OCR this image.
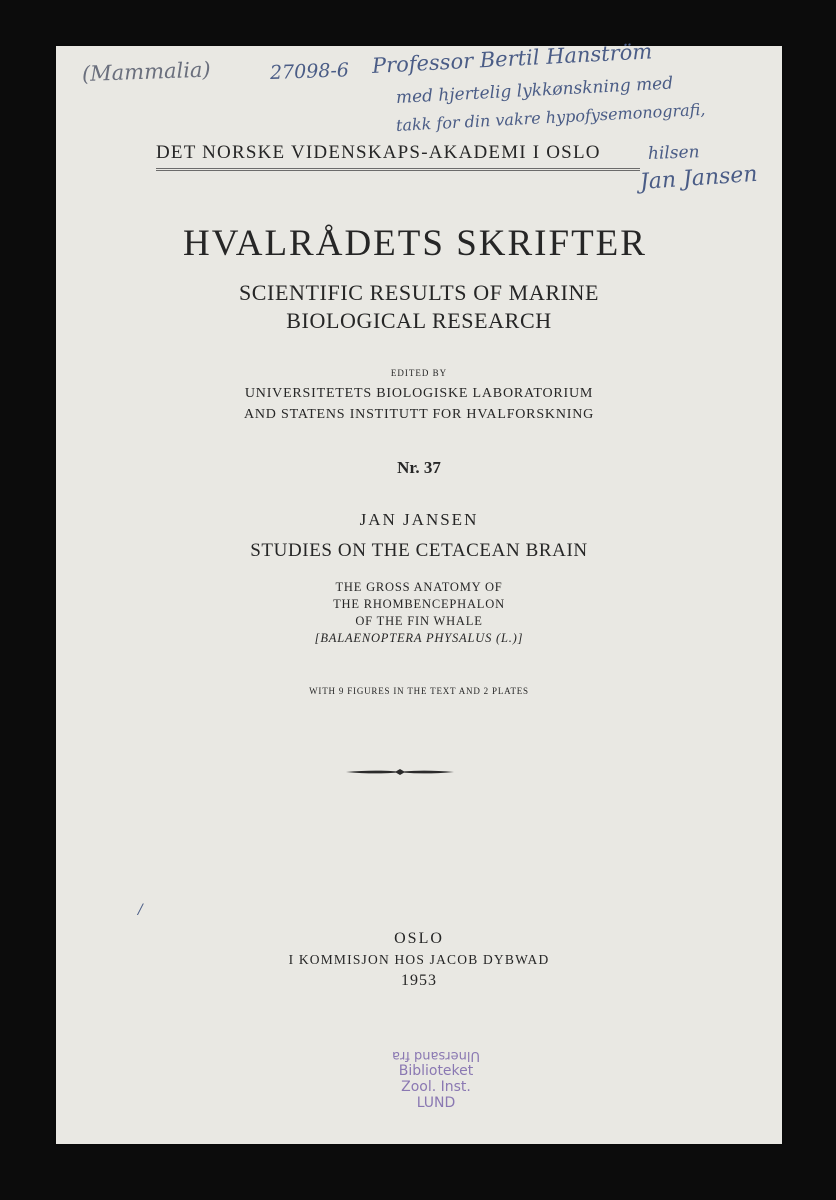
(Mammalia)	27098-6 Professor Bertil Hanström
med hjertelig lykkønskning med
takk for din vakre hypofysemonografi,
hilsen
Jan Jansen
/
DET NORSKE VIDENSKAPS-AKADEMI I OSLO
HVALRÅDETS SKRIFTER
SCIENTIFIC RESULTS OF MARINE
BIOLOGICAL RESEARCH
EDITED BY
UNIVERSITETETS BIOLOGISKE LABORATORIUM
AND STATENS INSTITUTT FOR HVALFORSKNING
Nr. 37
JAN JANSEN
STUDIES ON THE CETACEAN BRAIN
THE GROSS ANATOMY OF
THE RHOMBENCEPHALON
OF THE FIN WHALE
[BALAENOPTERA PHYSALUS (L.)]
WITH 9 FIGURES IN THE TEXT AND 2 PLATES
OSLO
I KOMMISJON HOS JACOB DYBWAD
1953
Ulnersand fra
Biblioteket
Zool. Inst.
LUND
